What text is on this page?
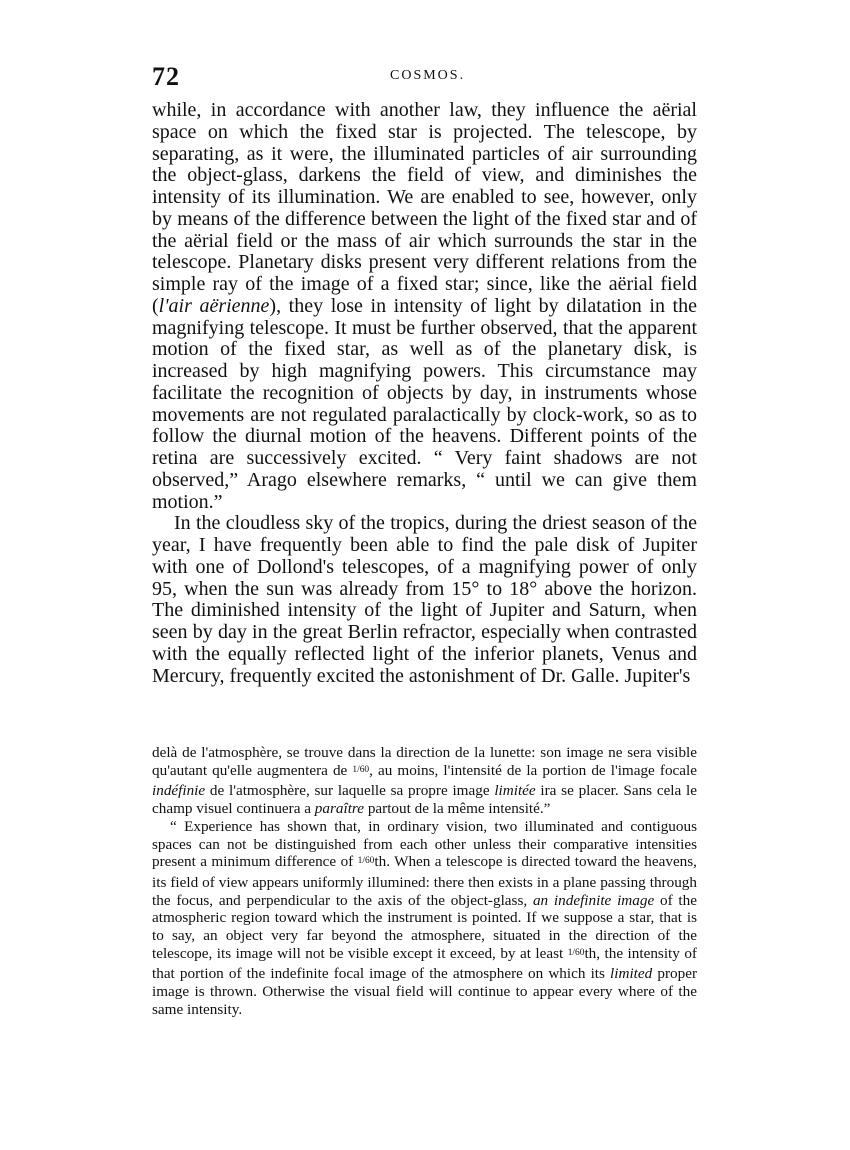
72	COSMOS.

while, in accordance with another law, they influence the aërial space on which the fixed star is projected. The telescope, by separating, as it were, the illuminated particles of air surrounding the object-glass, darkens the field of view, and diminishes the intensity of its illumination. We are enabled to see, however, only by means of the difference between the light of the fixed star and of the aërial field or the mass of air which surrounds the star in the telescope. Planetary disks present very different relations from the simple ray of the image of a fixed star; since, like the aërial field (l'air aërienne), they lose in intensity of light by dilatation in the magnifying telescope. It must be further observed, that the apparent motion of the fixed star, as well as of the planetary disk, is increased by high magnifying powers. This circumstance may facilitate the recognition of objects by day, in instruments whose movements are not regulated paralactically by clock-work, so as to follow the diurnal motion of the heavens. Different points of the retina are successively excited. “ Very faint shadows are not observed,” Arago elsewhere remarks, “ until we can give them motion.”

In the cloudless sky of the tropics, during the driest season of the year, I have frequently been able to find the pale disk of Jupiter with one of Dollond's telescopes, of a magnifying power of only 95, when the sun was already from 15° to 18° above the horizon. The diminished intensity of the light of Jupiter and Saturn, when seen by day in the great Berlin refractor, especially when contrasted with the equally reflected light of the inferior planets, Venus and Mercury, frequently excited the astonishment of Dr. Galle. Jupiter's

delà de l'atmosphère, se trouve dans la direction de la lunette: son image ne sera visible qu'autant qu'elle augmentera de 1/60, au moins, l'intensité de la portion de l'image focale indéfinie de l'atmosphère, sur laquelle sa propre image limitée ira se placer. Sans cela le champ visuel continuera a paraître partout de la même intensité.”

“ Experience has shown that, in ordinary vision, two illuminated and contiguous spaces can not be distinguished from each other unless their comparative intensities present a minimum difference of 1/60th. When a telescope is directed toward the heavens, its field of view appears uniformly illumined: there then exists in a plane passing through the focus, and perpendicular to the axis of the object-glass, an indefinite image of the atmospheric region toward which the instrument is pointed. If we suppose a star, that is to say, an object very far beyond the atmosphere, situated in the direction of the telescope, its image will not be visible except it exceed, by at least 1/60th, the intensity of that portion of the indefinite focal image of the atmosphere on which its limited proper image is thrown. Otherwise the visual field will continue to appear every where of the same intensity.
